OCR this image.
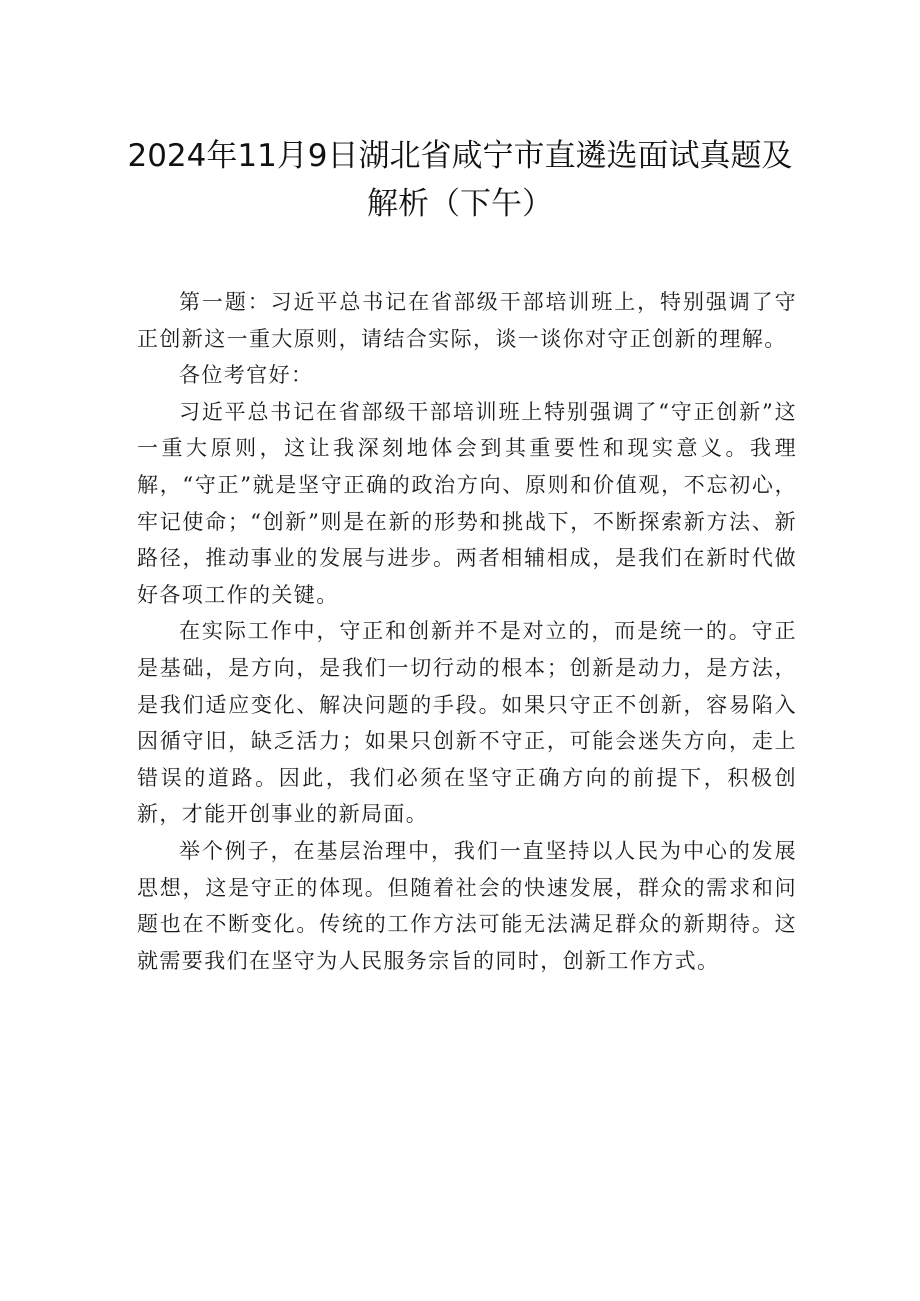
2024年11月9日湖北省咸宁市直遴选面试真题及
解析（下午）

第一题：习近平总书记在省部级干部培训班上，特别强调了守正创新这一重大原则，请结合实际，谈一谈你对守正创新的理解。

各位考官好：

习近平总书记在省部级干部培训班上特别强调了“守正创新”这一重大原则，这让我深刻地体会到其重要性和现实意义。我理解，“守正”就是坚守正确的政治方向、原则和价值观，不忘初心，牢记使命；“创新”则是在新的形势和挑战下，不断探索新方法、新路径，推动事业的发展与进步。两者相辅相成，是我们在新时代做好各项工作的关键。

在实际工作中，守正和创新并不是对立的，而是统一的。守正是基础，是方向，是我们一切行动的根本；创新是动力，是方法，是我们适应变化、解决问题的手段。如果只守正不创新，容易陷入因循守旧，缺乏活力；如果只创新不守正，可能会迷失方向，走上错误的道路。因此，我们必须在坚守正确方向的前提下，积极创新，才能开创事业的新局面。

举个例子，在基层治理中，我们一直坚持以人民为中心的发展思想，这是守正的体现。但随着社会的快速发展，群众的需求和问题也在不断变化。传统的工作方法可能无法满足群众的新期待。这就需要我们在坚守为人民服务宗旨的同时，创新工作方式。
